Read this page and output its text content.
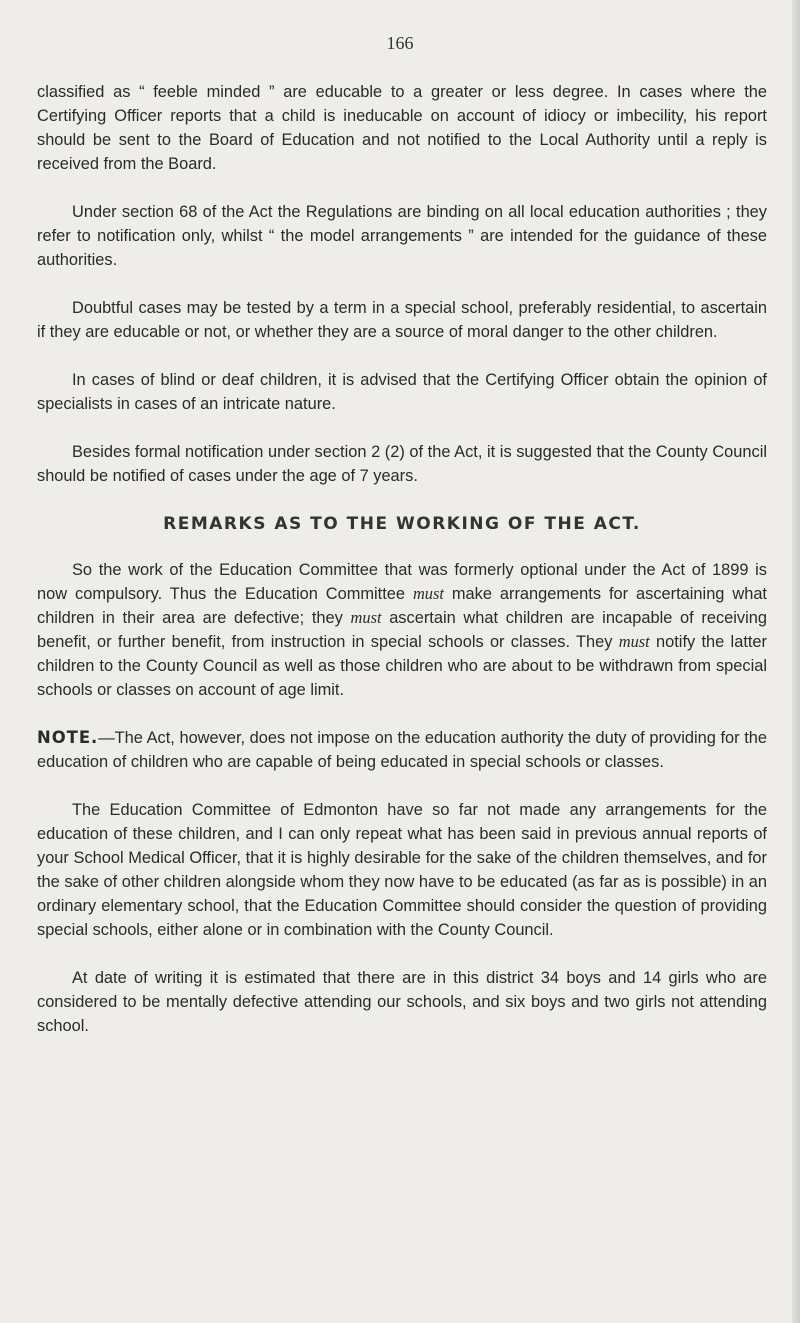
166

classified as “ feeble minded ” are educable to a greater or less degree. In cases where the Certifying Officer reports that a child is ineducable on account of idiocy or imbecility, his report should be sent to the Board of Education and not notified to the Local Authority until a reply is received from the Board.

Under section 68 of the Act the Regulations are binding on all local education authorities ; they refer to notification only, whilst “ the model arrangements ” are intended for the guidance of these authorities.

Doubtful cases may be tested by a term in a special school, preferably residential, to ascertain if they are educable or not, or whether they are a source of moral danger to the other children.

In cases of blind or deaf children, it is advised that the Certifying Officer obtain the opinion of specialists in cases of an intricate nature.

Besides formal notification under section 2 (2) of the Act, it is suggested that the County Council should be notified of cases under the age of 7 years.

REMARKS AS TO THE WORKING OF THE ACT.

So the work of the Education Committee that was formerly optional under the Act of 1899 is now compulsory. Thus the Education Committee must make arrangements for ascertaining what children in their area are defective; they must ascertain what children are incapable of receiving benefit, or further benefit, from instruction in special schools or classes. They must notify the latter children to the County Council as well as those children who are about to be withdrawn from special schools or classes on account of age limit.

NOTE.—The Act, however, does not impose on the education authority the duty of providing for the education of children who are capable of being educated in special schools or classes.

The Education Committee of Edmonton have so far not made any arrangements for the education of these children, and I can only repeat what has been said in previous annual reports of your School Medical Officer, that it is highly desirable for the sake of the children themselves, and for the sake of other children alongside whom they now have to be educated (as far as is possible) in an ordinary elementary school, that the Education Committee should consider the question of providing special schools, either alone or in combination with the County Council.

At date of writing it is estimated that there are in this district 34 boys and 14 girls who are considered to be mentally defective attending our schools, and six boys and two girls not attending school.
